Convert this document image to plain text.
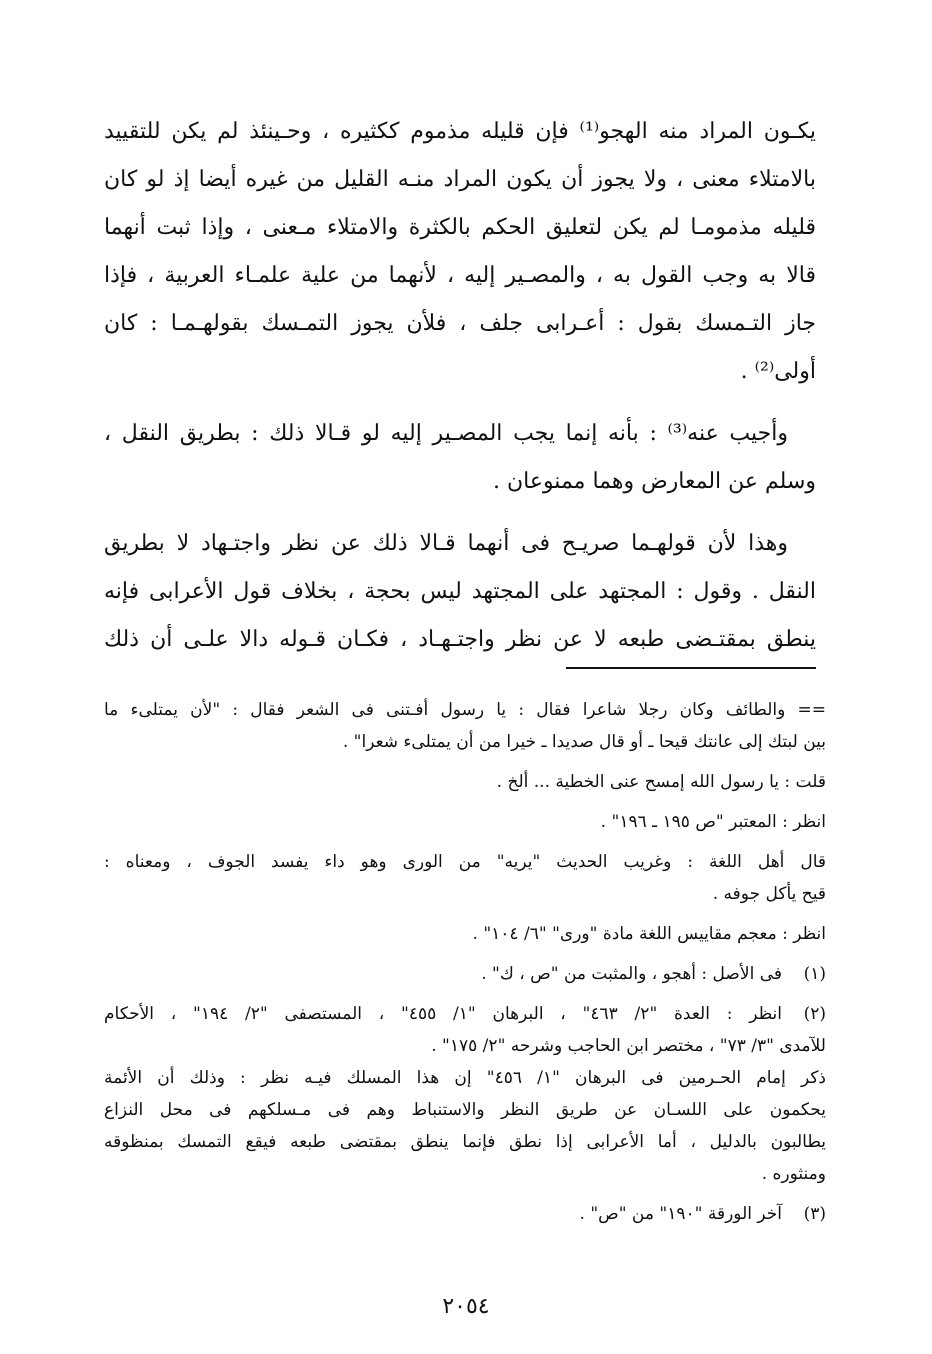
يكـون المراد منه الهجو⁽¹⁾ فإن قليله مذموم ككثيره ، وحـينئذ لم يكن للتقييد
بالامتلاء معنى ، ولا يجوز أن يكون المراد منـه القليل من غيره أيضا إذ لو كان
قليله مذمومـا لم يكن لتعليق الحكم بالكثرة والامتلاء مـعنى ، وإذا ثبت أنهما
قالا به وجب القول به ، والمصـير إليه ، لأنهما من علية علمـاء العربية ، فإذا
جاز التـمسك بقول : أعـرابى جلف ، فلأن يجوز التمـسك بقولهـمـا : كان
أولى⁽²⁾ .

وأجيب عنه⁽³⁾ : بأنه إنما يجب المصـير إليه لو قـالا ذلك : بطريق النقل ،
وسلم عن المعارض وهما ممنوعان .

وهذا لأن قولهـما صريـح فى أنهما قـالا ذلك عن نظر واجتـهاد لا بطريق
النقل . وقول : المجتهد على المجتهد ليس بحجة ، بخلاف قول الأعرابى فإنه
ينطق بمقتـضى طبعه لا عن نظر واجتـهـاد ، فكـان قـوله دالا علـى أن ذلك

== والطائف وكان رجلا شاعرا فقال : يا رسول أفـتنى فى الشعر فقال : "لأن يمتلىء ما
بين لبتك إلى عانتك قيحا ـ أو قال صديدا ـ خيرا من أن يمتلىء شعرا" .
قلت : يا رسول الله إمسح عنى الخطية ... ألخ .
انظر : المعتبر "ص ١٩٥ ـ ١٩٦" .
قال أهل اللغة : وغريب الحديث "يريه" من الورى وهو داء يفسد الجوف ، ومعناه :
قيح يأكل جوفه .
انظر : معجم مقاييس اللغة مادة "ورى" "٦/ ١٠٤" .
(١)فى الأصل : أهجو ، والمثبت من "ص ، ك" .
(٢)انظر : العدة "٢/ ٤٦٣" ، البرهان "١/ ٤٥٥" ، المستصفى "٢/ ١٩٤" ، الأحكام
للآمدى "٣/ ٧٣" ، مختصر ابن الحاجب وشرحه "٢/ ١٧٥" .
ذكر إمام الحـرمين فى البرهان "١/ ٤٥٦" إن هذا المسلك فيـه نظر : وذلك أن الأئمة
يحكمون على اللسـان عن طريق النظر والاستنباط وهم فى مـسلكهم فى محل النزاع
يطالبون بالدليل ، أما الأعرابى إذا نطق فإنما ينطق بمقتضى طبعه فيقع التمسك بمنظوقه
ومنثوره .
(٣)آخر الورقة "١٩٠" من "ص" .
٢٠٥٤
